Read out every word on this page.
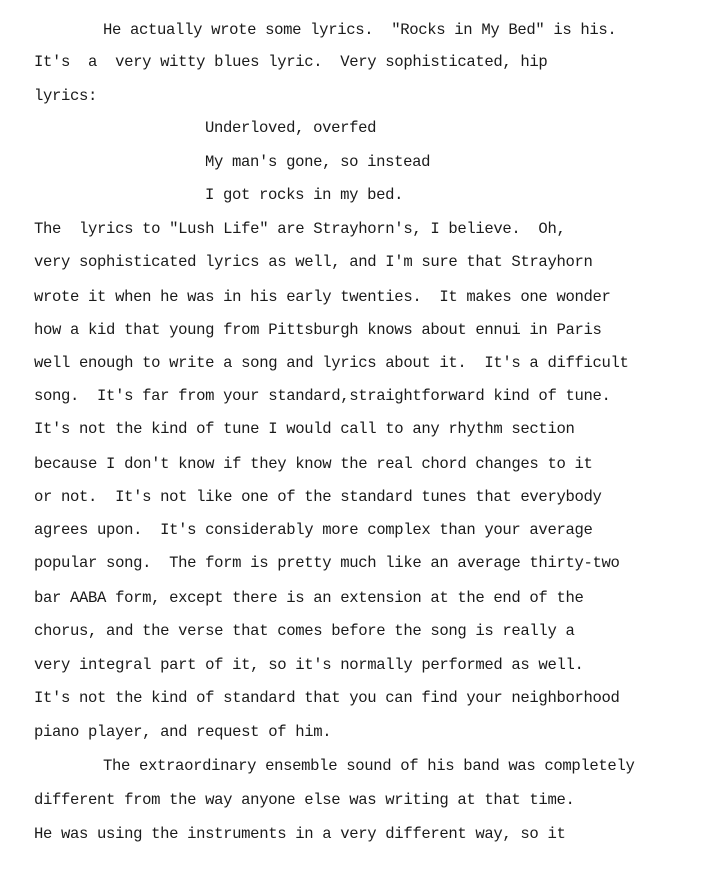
He actually wrote some lyrics.  "Rocks in My Bed" is his.
It's  a  very witty blues lyric.  Very sophisticated, hip
lyrics:
Underloved, overfed
My man's gone, so instead
I got rocks in my bed.
The  lyrics to "Lush Life" are Strayhorn's, I believe.  Oh,
very sophisticated lyrics as well, and I'm sure that Strayhorn
wrote it when he was in his early twenties.  It makes one wonder
how a kid that young from Pittsburgh knows about ennui in Paris
well enough to write a song and lyrics about it.  It's a difficult
song.  It's far from your standard,straightforward kind of tune.
It's not the kind of tune I would call to any rhythm section
because I don't know if they know the real chord changes to it
or not.  It's not like one of the standard tunes that everybody
agrees upon.  It's considerably more complex than your average
popular song.  The form is pretty much like an average thirty-two
bar AABA form, except there is an extension at the end of the
chorus, and the verse that comes before the song is really a
very integral part of it, so it's normally performed as well.
It's not the kind of standard that you can find your neighborhood
piano player, and request of him.
The extraordinary ensemble sound of his band was completely
different from the way anyone else was writing at that time.
He was using the instruments in a very different way, so it
